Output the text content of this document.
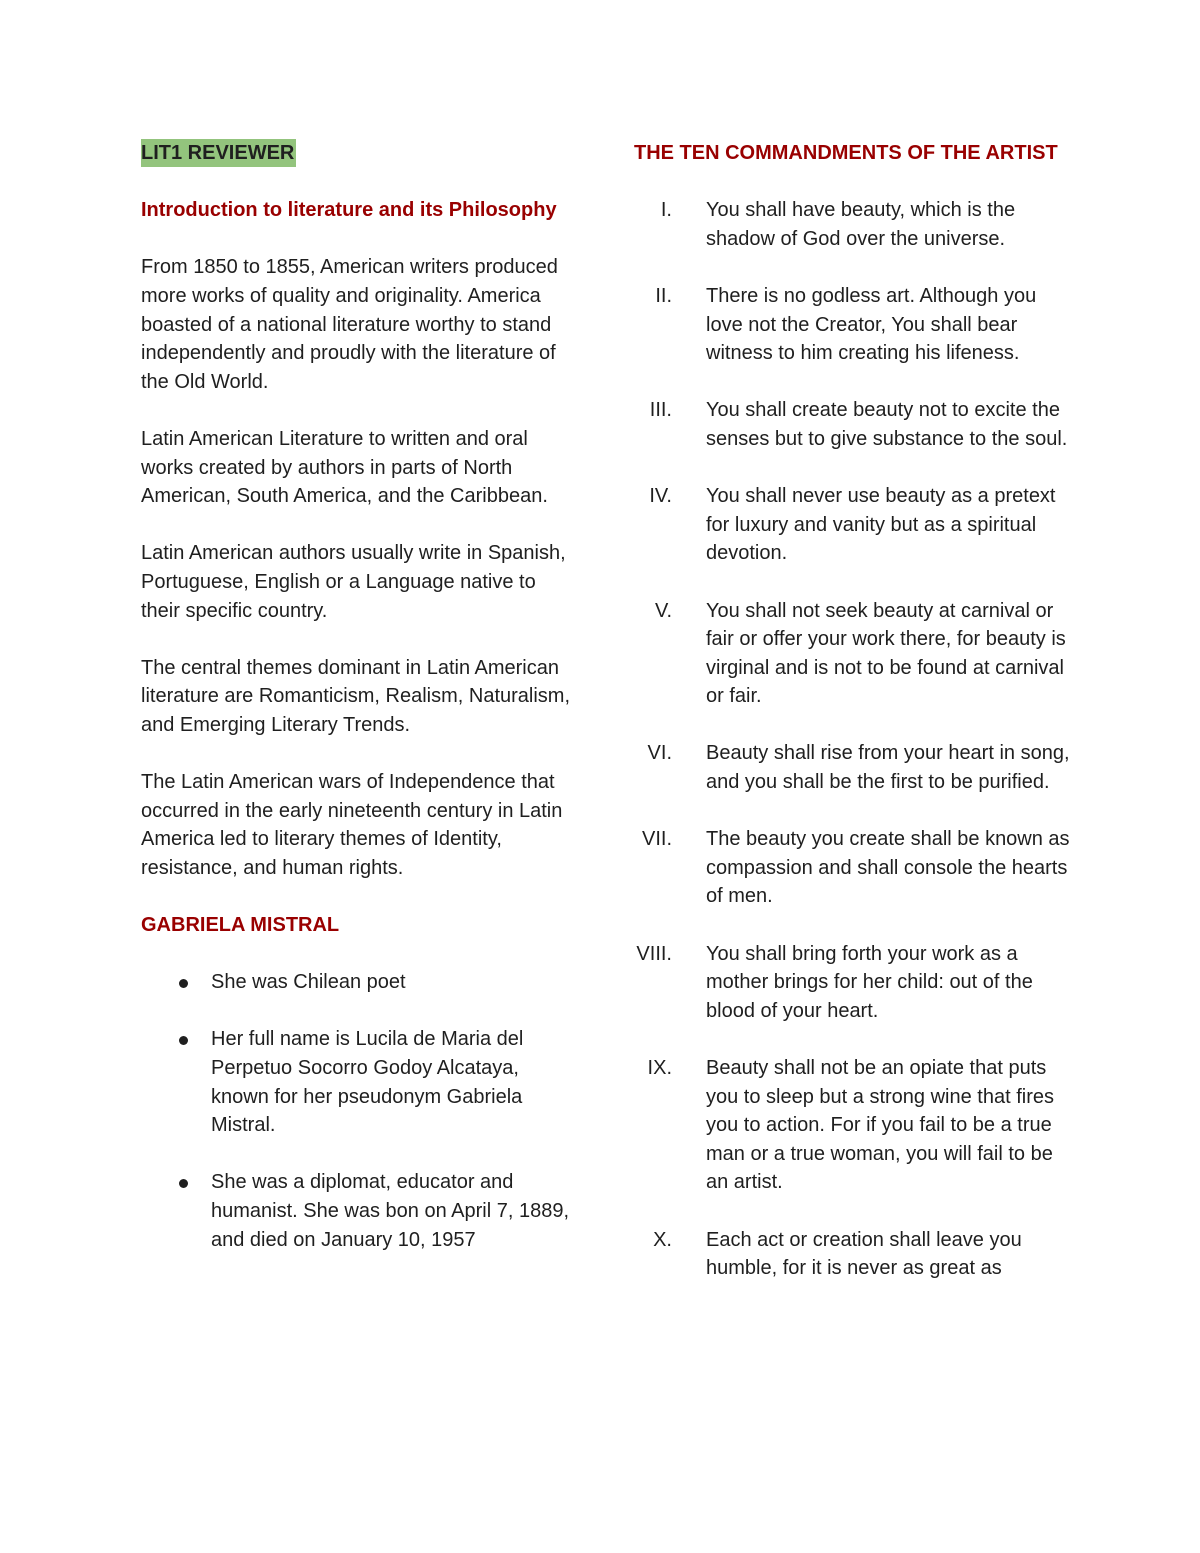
LIT1 REVIEWER
Introduction to literature and its Philosophy

From 1850 to 1855, American writers produced more works of quality and originality. America boasted of a national literature worthy to stand independently and proudly with the literature of the Old World.

Latin American Literature to written and oral works created by authors in parts of North American, South America, and the Caribbean.

Latin American authors usually write in Spanish, Portuguese, English or a Language native to their specific country.

The central themes dominant in Latin American literature are Romanticism, Realism, Naturalism, and Emerging Literary Trends.

The Latin American wars of Independence that occurred in the early nineteenth century in Latin America led to literary themes of Identity, resistance, and human rights.

GABRIELA MISTRAL
She was Chilean poet
Her full name is Lucila de Maria del Perpetuo Socorro Godoy Alcataya, known for her pseudonym Gabriela Mistral.
She was a diplomat, educator and humanist. She was bon on April 7, 1889, and died on January 10, 1957
THE TEN COMMANDMENTS OF THE ARTIST
I. You shall have beauty, which is the shadow of God over the universe.
II. There is no godless art. Although you love not the Creator, You shall bear witness to him creating his lifeness.
III. You shall create beauty not to excite the senses but to give substance to the soul.
IV. You shall never use beauty as a pretext for luxury and vanity but as a spiritual devotion.
V. You shall not seek beauty at carnival or fair or offer your work there, for beauty is virginal and is not to be found at carnival or fair.
VI. Beauty shall rise from your heart in song, and you shall be the first to be purified.
VII. The beauty you create shall be known as compassion and shall console the hearts of men.
VIII. You shall bring forth your work as a mother brings for her child: out of the blood of your heart.
IX. Beauty shall not be an opiate that puts you to sleep but a strong wine that fires you to action. For if you fail to be a true man or a true woman, you will fail to be an artist.
X. Each act or creation shall leave you humble, for it is never as great as
